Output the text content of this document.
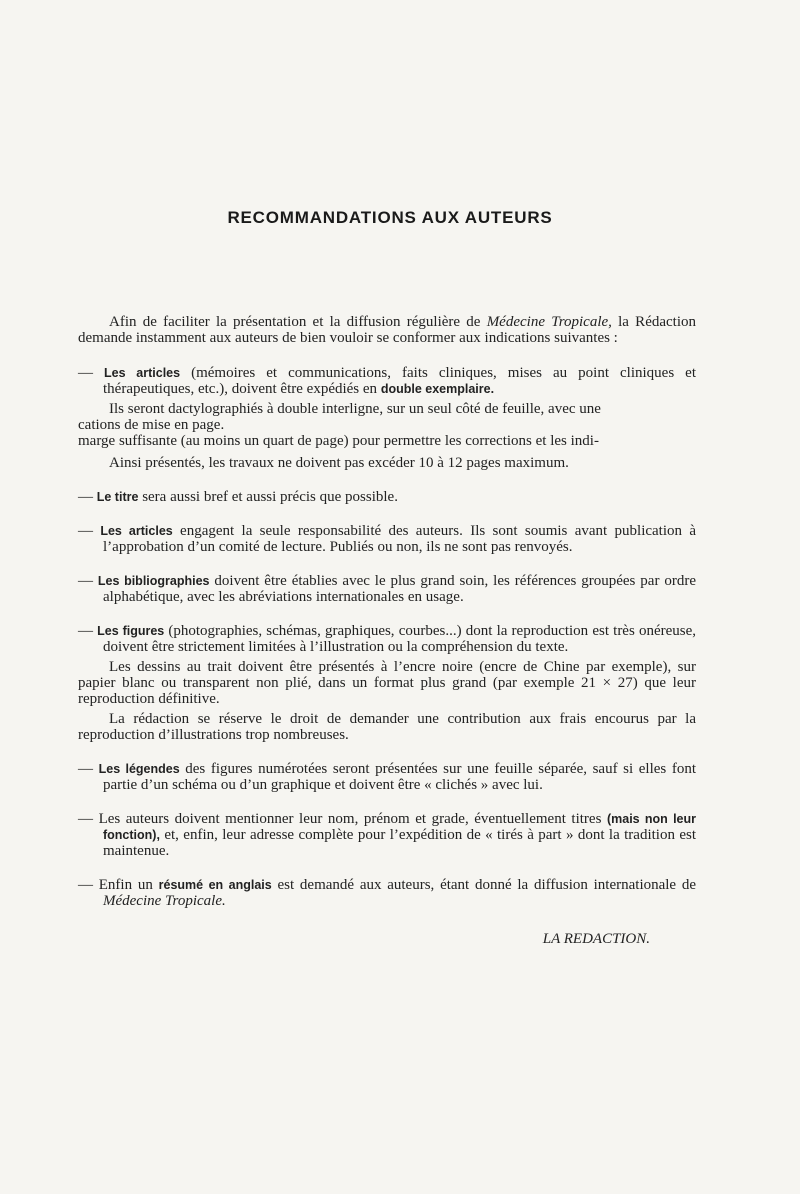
RECOMMANDATIONS AUX AUTEURS

Afin de faciliter la présentation et la diffusion régulière de Médecine Tropicale, la Rédaction demande instamment aux auteurs de bien vouloir se conformer aux indications suivantes :

— Les articles (mémoires et communications, faits cliniques, mises au point cliniques et thérapeutiques, etc.), doivent être expédiés en double exemplaire.

Ils seront dactylographiés à double interligne, sur un seul côté de feuille, avec une

cations de mise en page.

marge suffisante (au moins un quart de page) pour permettre les corrections et les indi-

Ainsi présentés, les travaux ne doivent pas excéder 10 à 12 pages maximum.

— Le titre sera aussi bref et aussi précis que possible.

— Les articles engagent la seule responsabilité des auteurs. Ils sont soumis avant publication à l’approbation d’un comité de lecture. Publiés ou non, ils ne sont pas renvoyés.

— Les bibliographies doivent être établies avec le plus grand soin, les références groupées par ordre alphabétique, avec les abréviations internationales en usage.

— Les figures (photographies, schémas, graphiques, courbes...) dont la reproduction est très onéreuse, doivent être strictement limitées à l’illustration ou la compréhension du texte.

Les dessins au trait doivent être présentés à l’encre noire (encre de Chine par exemple), sur papier blanc ou transparent non plié, dans un format plus grand (par exemple 21 × 27) que leur reproduction définitive.

La rédaction se réserve le droit de demander une contribution aux frais encourus par la reproduction d’illustrations trop nombreuses.

— Les légendes des figures numérotées seront présentées sur une feuille séparée, sauf si elles font partie d’un schéma ou d’un graphique et doivent être « clichés » avec lui.

— Les auteurs doivent mentionner leur nom, prénom et grade, éventuellement titres (mais non leur fonction), et, enfin, leur adresse complète pour l’expédition de « tirés à part » dont la tradition est maintenue.

— Enfin un résumé en anglais est demandé aux auteurs, étant donné la diffusion internationale de Médecine Tropicale.

LA REDACTION.
